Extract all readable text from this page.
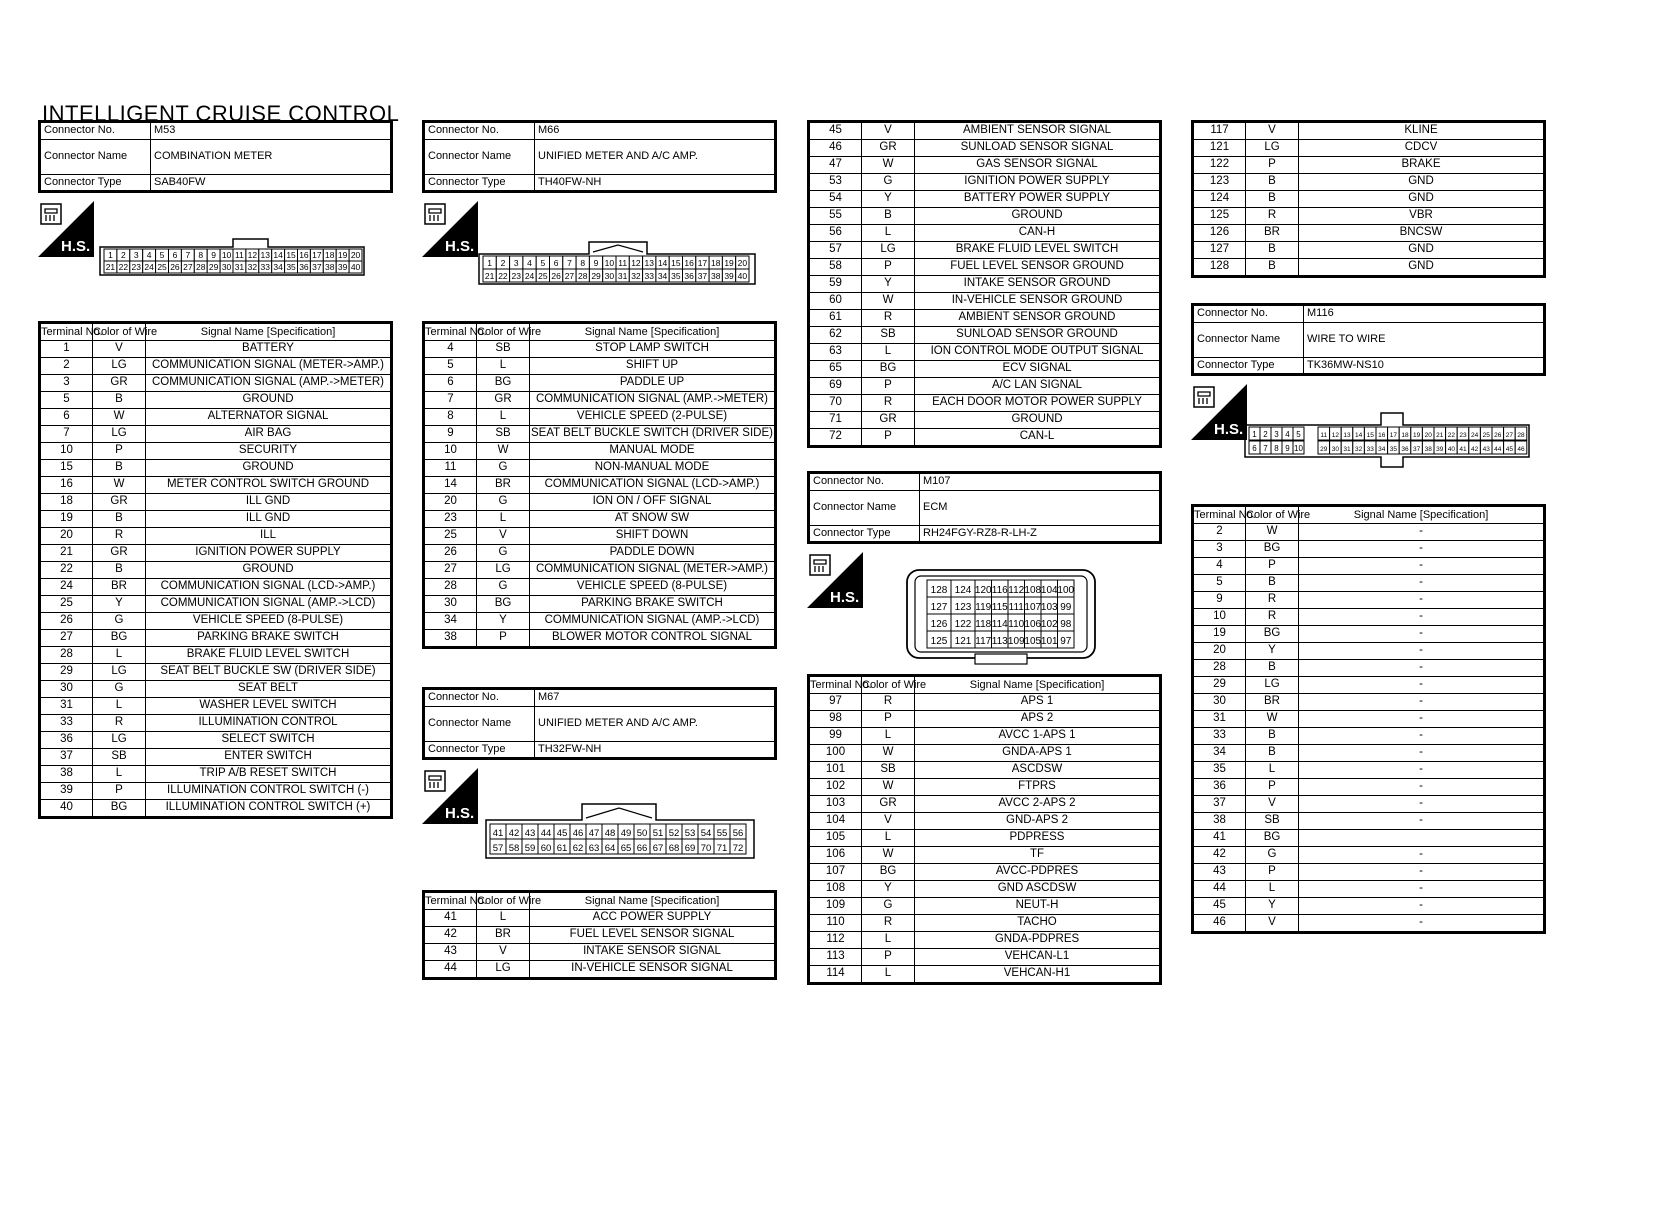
INTELLIGENT CRUISE CONTROL
Connector No.	M53
Connector Name	COMBINATION METER
Connector Type	SAB40FW
H.S. 1 2 3 4 5 6 7 8 9 10 11 12 13 14 15 16 17 18 19 20
21 22 23 24 25 26 27 28 29 30 31 32 33 34 35 36 37 38 39 40
Terminal No.	Color of Wire	Signal Name [Specification]
1	V	BATTERY
2	LG	COMMUNICATION SIGNAL (METER->AMP.)
3	GR	COMMUNICATION SIGNAL (AMP.->METER)
5	B	GROUND
6	W	ALTERNATOR SIGNAL
7	LG	AIR BAG
10	P	SECURITY
15	B	GROUND
16	W	METER CONTROL SWITCH GROUND
18	GR	ILL GND
19	B	ILL GND
20	R	ILL
21	GR	IGNITION POWER SUPPLY
22	B	GROUND
24	BR	COMMUNICATION SIGNAL (LCD->AMP.)
25	Y	COMMUNICATION SIGNAL (AMP.->LCD)
26	G	VEHICLE SPEED (8-PULSE)
27	BG	PARKING BRAKE SWITCH
28	L	BRAKE FLUID LEVEL SWITCH
29	LG	SEAT BELT BUCKLE SW (DRIVER SIDE)
30	G	SEAT BELT
31	L	WASHER LEVEL SWITCH
33	R	ILLUMINATION CONTROL
36	LG	SELECT SWITCH
37	SB	ENTER SWITCH
38	L	TRIP A/B RESET SWITCH
39	P	ILLUMINATION CONTROL SWITCH (-)
40	BG	ILLUMINATION CONTROL SWITCH (+)
Connector No.	M66
Connector Name	UNIFIED METER AND A/C AMP.
Connector Type	TH40FW-NH
H.S.
1 2 3 4 5 6 7 8 9 10 11 12 13 14 15 16 17 18 19 20
21 22 23 24 25 26 27 28 29 30 31 32 33 34 35 36 37 38 39 40
Terminal No.	Color of Wire	Signal Name [Specification]
4	SB	STOP LAMP SWITCH
5	L	SHIFT UP
6	BG	PADDLE UP
7	GR	COMMUNICATION SIGNAL (AMP.->METER)
8	L	VEHICLE SPEED (2-PULSE)
9	SB	SEAT BELT BUCKLE SWITCH (DRIVER SIDE)
10	W	MANUAL MODE
11	G	NON-MANUAL MODE
14	BR	COMMUNICATION SIGNAL (LCD->AMP.)
20	G	ION ON / OFF SIGNAL
23	L	AT SNOW SW
25	V	SHIFT DOWN
26	G	PADDLE DOWN
27	LG	COMMUNICATION SIGNAL (METER->AMP.)
28	G	VEHICLE SPEED (8-PULSE)
30	BG	PARKING BRAKE SWITCH
34	Y	COMMUNICATION SIGNAL (AMP.->LCD)
38	P	BLOWER MOTOR CONTROL SIGNAL
Connector No.	M67
Connector Name	UNIFIED METER AND A/C AMP.
Connector Type	TH32FW-NH
H.S.
41 42 43 44 45 46 47 48 49 50 51 52 53 54 55 56
57 58 59 60 61 62 63 64 65 66 67 68 69 70 71 72
Terminal No.	Color of Wire	Signal Name [Specification]
41	L	ACC POWER SUPPLY
42	BR	FUEL LEVEL SENSOR SIGNAL
43	V	INTAKE SENSOR SIGNAL
44	LG	IN-VEHICLE SENSOR SIGNAL
45	V	AMBIENT SENSOR SIGNAL
46	GR	SUNLOAD SENSOR SIGNAL
47	W	GAS SENSOR SIGNAL
53	G	IGNITION POWER SUPPLY
54	Y	BATTERY POWER SUPPLY
55	B	GROUND
56	L	CAN-H
57	LG	BRAKE FLUID LEVEL SWITCH
58	P	FUEL LEVEL SENSOR GROUND
59	Y	INTAKE SENSOR GROUND
60	W	IN-VEHICLE SENSOR GROUND
61	R	AMBIENT SENSOR GROUND
62	SB	SUNLOAD SENSOR GROUND
63	L	ION CONTROL MODE OUTPUT SIGNAL
65	BG	ECV SIGNAL
69	P	A/C LAN SIGNAL
70	R	EACH DOOR MOTOR POWER SUPPLY
71	GR	GROUND
72	P	CAN-L
Connector No.	M107
Connector Name	ECM
Connector Type	RH24FGY-RZ8-R-LH-Z
H.S.	128 124 120 116 112 108 104 100
127 123 119 115 111 107 103 99
126 122 118 114 110 106 102 98
125 121 117 113 109 105 101 97
Terminal No.	Color of Wire	Signal Name [Specification]
97	R	APS 1
98	P	APS 2
99	L	AVCC 1-APS 1
100	W	GNDA-APS 1
101	SB	ASCDSW
102	W	FTPRS
103	GR	AVCC 2-APS 2
104	V	GND-APS 2
105	L	PDPRESS
106	W	TF
107	BG	AVCC-PDPRES
108	Y	GND ASCDSW
109	G	NEUT-H
110	R	TACHO
112	L	GNDA-PDPRES
113	P	VEHCAN-L1
114	L	VEHCAN-H1
117	V	KLINE
121	LG	CDCV
122	P	BRAKE
123	B	GND
124	B	GND
125	R	VBR
126	BR	BNCSW
127	B	GND
128	B	GND
Connector No.	M116
Connector Name	WIRE TO WIRE
Connector Type	TK36MW-NS10
H.S. 1 2 3 4 5
6 7 8 9 10
11 12 13 14 15 16 17 18 19 20 21 22 23 24 25 26 27 28
29 30 31 32 33 34 35 36 37 38 39 40 41 42 43 44 45 46
Terminal No.	Color of Wire	Signal Name [Specification]
2	W	-
3	BG	-
4	P	-
5	B	-
9	R	-
10	R	-
19	BG	-
20	Y	-
28	B	-
29	LG	-
30	BR	-
31	W	-
33	B	-
34	B	-
35	L	-
36	P	-
37	V	-
38	SB	-
41	BG	
42	G	-
43	P	-
44	L	-
45	Y	-
46	V	-
